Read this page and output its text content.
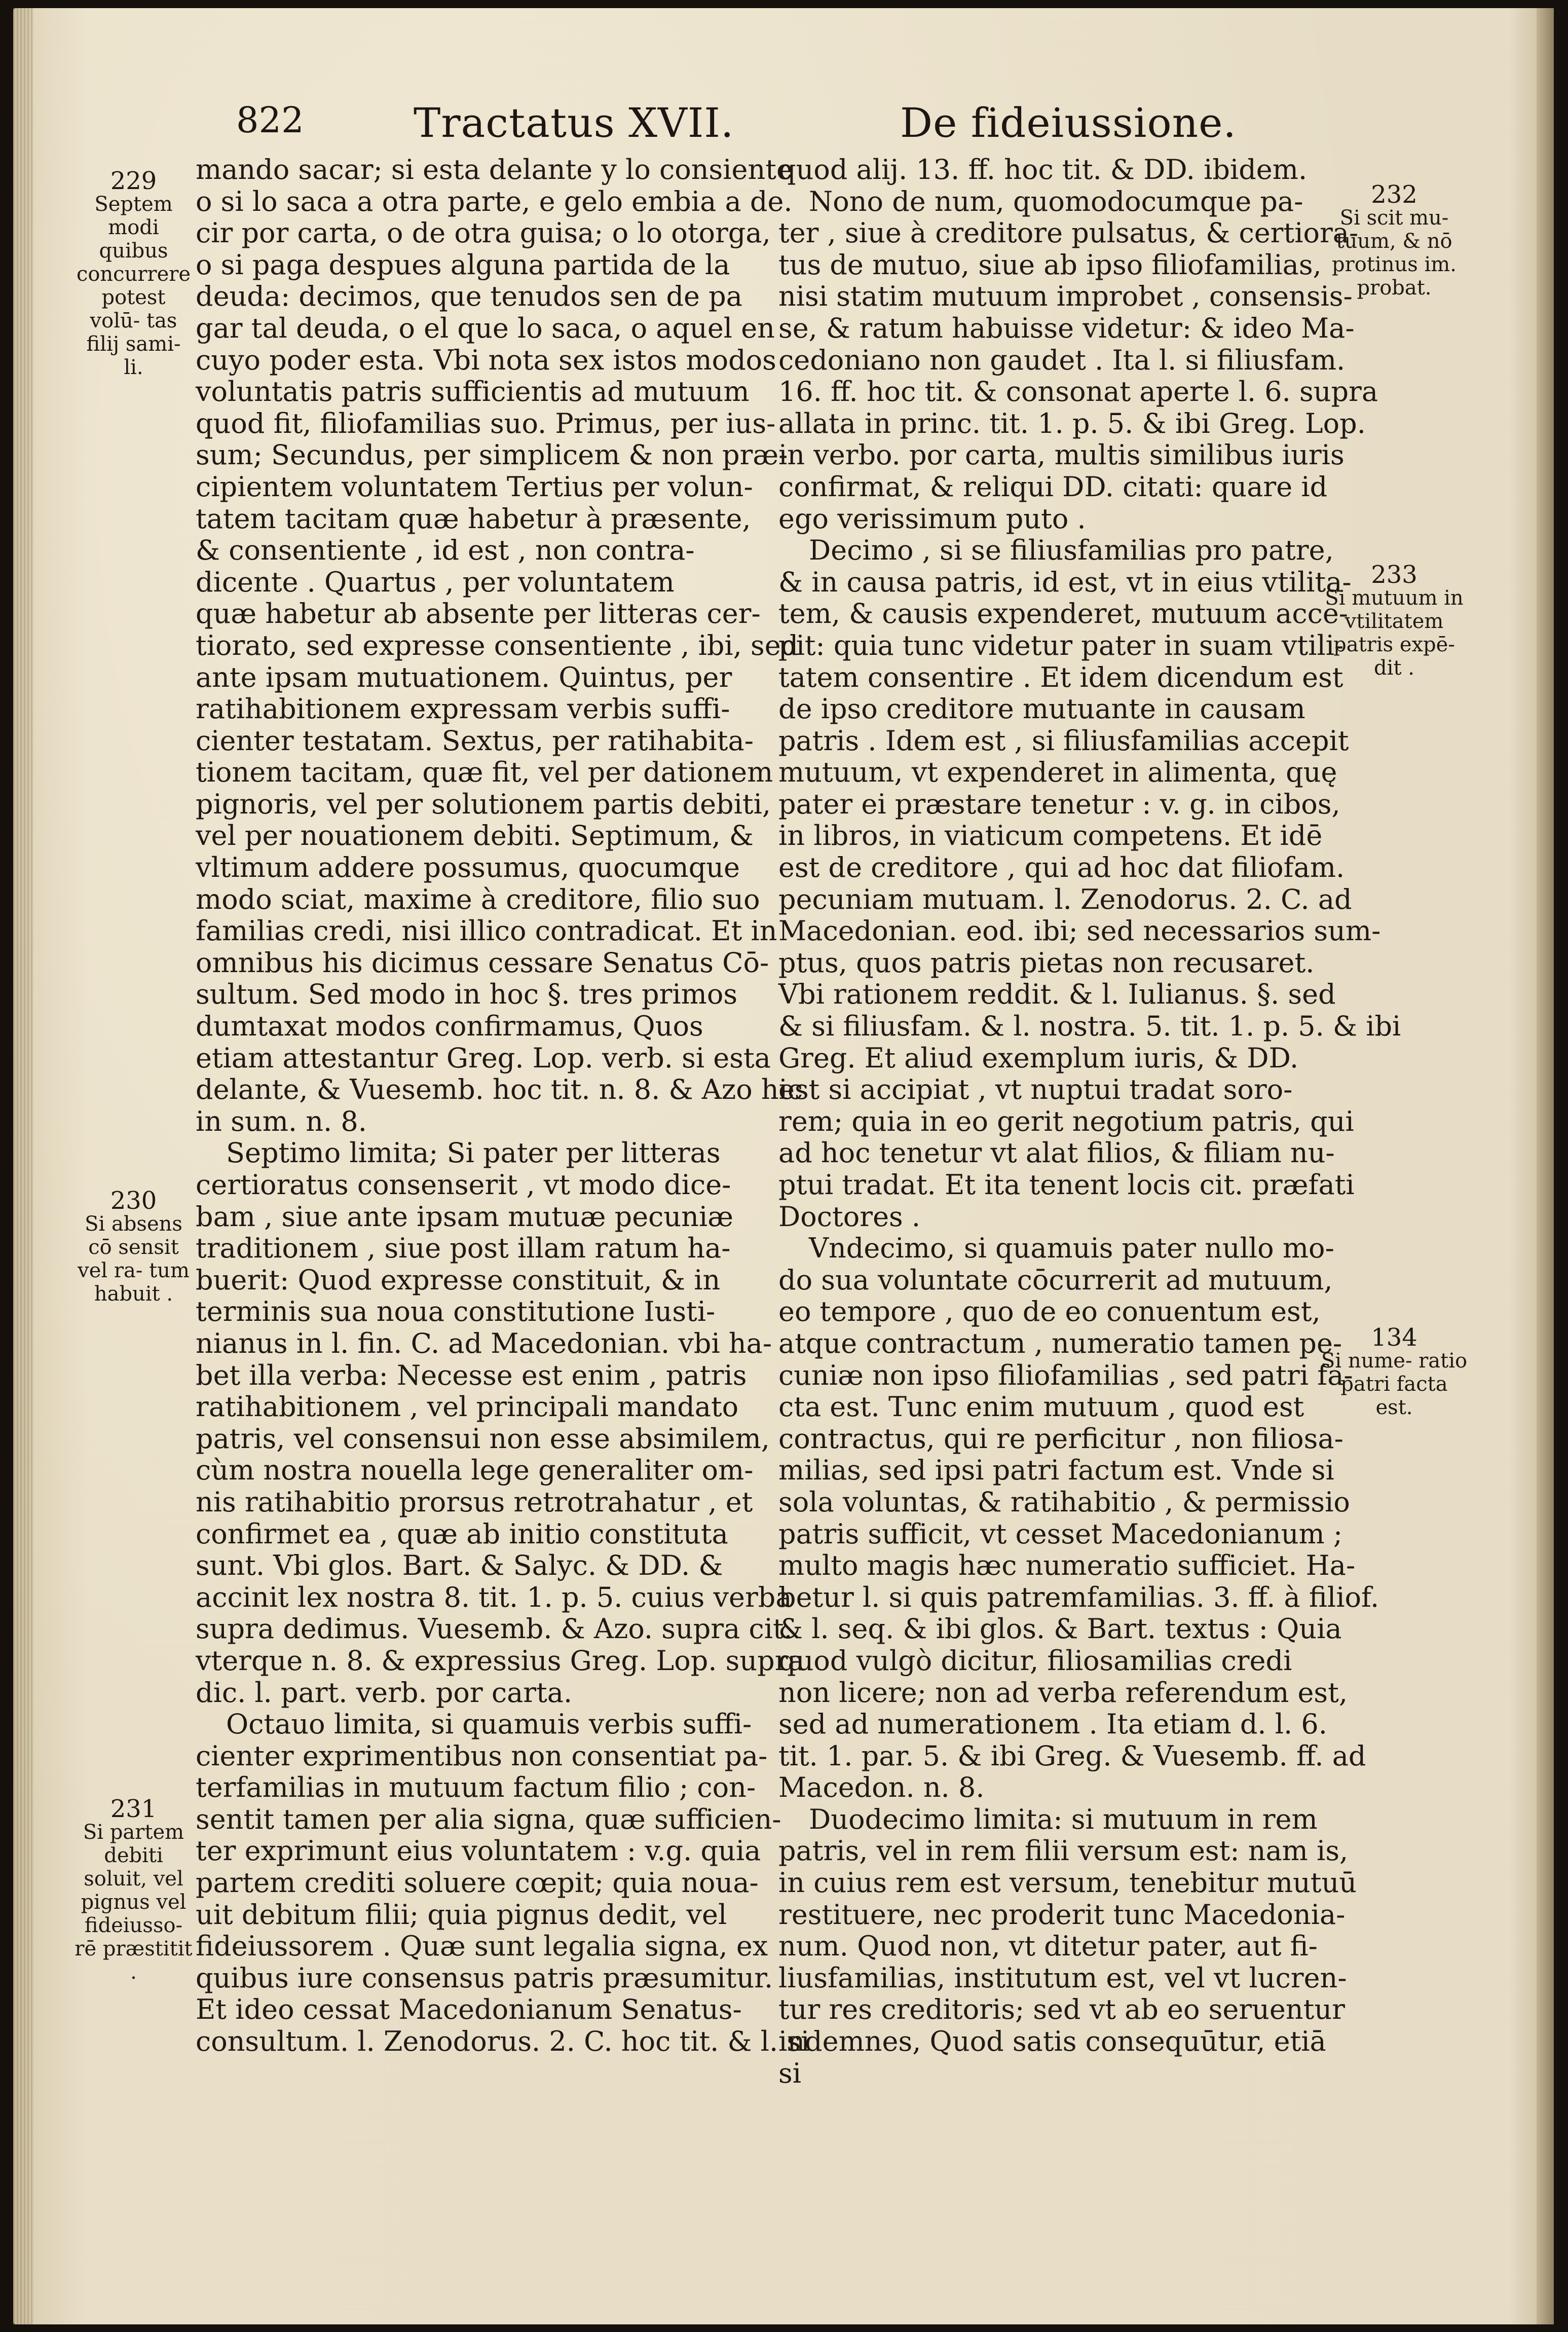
822	Tractatus XVII.	De fideiussione.
mando sacar; si esta delante y lo consiente
o si lo saca a otra parte, e gelo embia a de.
cir por carta, o de otra guisa; o lo otorga,
o si paga despues alguna partida de la
deuda: decimos, que tenudos sen de pa
gar tal deuda, o el que lo saca, o aquel en
cuyo poder esta. Vbi nota sex istos modos
voluntatis patris sufficientis ad mutuum
quod fit, filiofamilias suo. Primus, per ius-
sum; Secundus, per simplicem & non præ-
cipientem voluntatem Tertius per volun-
tatem tacitam quæ habetur à præsente,
& consentiente , id est , non contra-
dicente . Quartus , per voluntatem
quæ habetur ab absente per litteras cer-
tiorato, sed expresse consentiente , ibi, sed
ante ipsam mutuationem. Quintus, per
ratihabitionem expressam verbis suffi-
cienter testatam. Sextus, per ratihabita-
tionem tacitam, quæ fit, vel per dationem
pignoris, vel per solutionem partis debiti,
vel per nouationem debiti. Septimum, &
vltimum addere possumus, quocumque
modo sciat, maxime à creditore, filio suo
familias credi, nisi illico contradicat. Et in
omnibus his dicimus cessare Senatus Cō-
sultum. Sed modo in hoc §. tres primos
dumtaxat modos confirmamus, Quos
etiam attestantur Greg. Lop. verb. si esta
delante, & Vuesemb. hoc tit. n. 8. & Azo hic
in sum. n. 8.
Septimo limita; Si pater per litteras
certioratus consenserit , vt modo dice-
bam , siue ante ipsam mutuæ pecuniæ
traditionem , siue post illam ratum ha-
buerit: Quod expresse constituit, & in
terminis sua noua constitutione Iusti-
nianus in l. fin. C. ad Macedonian. vbi ha-
bet illa verba: Necesse est enim , patris
ratihabitionem , vel principali mandato
patris, vel consensui non esse absimilem,
cùm nostra nouella lege generaliter om-
nis ratihabitio prorsus retrotrahatur , et
confirmet ea , quæ ab initio constituta
sunt. Vbi glos. Bart. & Salyc. & DD. &
accinit lex nostra 8. tit. 1. p. 5. cuius verba
supra dedimus. Vuesemb. & Azo. supra cit.
vterque n. 8. & expressius Greg. Lop. supra
dic. l. part. verb. por carta.
Octauo limita, si quamuis verbis suffi-
cienter exprimentibus non consentiat pa-
terfamilias in mutuum factum filio ; con-
sentit tamen per alia signa, quæ sufficien-
ter exprimunt eius voluntatem : v.g. quia
partem crediti soluere cœpit; quia noua-
uit debitum filii; quia pignus dedit, vel
fideiussorem . Quæ sunt legalia signa, ex
quibus iure consensus patris præsumitur.
Et ideo cessat Macedonianum Senatus-
consultum. l. Zenodorus. 2. C. hoc tit. & l. si
quod alij. 13. ff. hoc tit. & DD. ibidem.
Nono de num, quomodocumque pa-
ter , siue à creditore pulsatus, & certiora-
tus de mutuo, siue ab ipso filiofamilias,
nisi statim mutuum improbet , consensis-
se, & ratum habuisse videtur: & ideo Ma-
cedoniano non gaudet . Ita l. si filiusfam.
16. ff. hoc tit. & consonat aperte l. 6. supra
allata in princ. tit. 1. p. 5. & ibi Greg. Lop.
in verbo. por carta, multis similibus iuris
confirmat, & reliqui DD. citati: quare id
ego verissimum puto .
Decimo , si se filiusfamilias pro patre,
& in causa patris, id est, vt in eius vtilita-
tem, & causis expenderet, mutuum acce-
pit: quia tunc videtur pater in suam vtili-
tatem consentire . Et idem dicendum est
de ipso creditore mutuante in causam
patris . Idem est , si filiusfamilias accepit
mutuum, vt expenderet in alimenta, quę
pater ei præstare tenetur : v. g. in cibos,
in libros, in viaticum competens. Et idē
est de creditore , qui ad hoc dat filiofam.
pecuniam mutuam. l. Zenodorus. 2. C. ad
Macedonian. eod. ibi; sed necessarios sum-
ptus, quos patris pietas non recusaret.
Vbi rationem reddit. & l. Iulianus. §. sed
& si filiusfam. & l. nostra. 5. tit. 1. p. 5. & ibi
Greg. Et aliud exemplum iuris, & DD.
est si accipiat , vt nuptui tradat soro-
rem; quia in eo gerit negotium patris, qui
ad hoc tenetur vt alat filios, & filiam nu-
ptui tradat. Et ita tenent locis cit. præfati
Doctores .
Vndecimo, si quamuis pater nullo mo-
do sua voluntate cōcurrerit ad mutuum,
eo tempore , quo de eo conuentum est,
atque contractum , numeratio tamen pe-
cuniæ non ipso filiofamilias , sed patri fa-
cta est. Tunc enim mutuum , quod est
contractus, qui re perficitur , non filiosa-
milias, sed ipsi patri factum est. Vnde si
sola voluntas, & ratihabitio , & permissio
patris sufficit, vt cesset Macedonianum ;
multo magis hæc numeratio sufficiet. Ha-
betur l. si quis patremfamilias. 3. ff. à filiof.
& l. seq. & ibi glos. & Bart. textus : Quia
quod vulgò dicitur, filiosamilias credi
non licere; non ad verba referendum est,
sed ad numerationem . Ita etiam d. l. 6.
tit. 1. par. 5. & ibi Greg. & Vuesemb. ff. ad
Macedon. n. 8.
Duodecimo limita: si mutuum in rem
patris, vel in rem filii versum est: nam is,
in cuius rem est versum, tenebitur mutuū
restituere, nec proderit tunc Macedonia-
num. Quod non, vt ditetur pater, aut fi-
liusfamilias, institutum est, vel vt lucren-
tur res creditoris; sed vt ab eo seruentur
indemnes, Quod satis consequūtur, etiā
si
229
Septem modi quibus concurrere potest volū- tas filij sami- li.
230
Si absens cō sensit vel ra- tum habuit .
231
Si partem debiti soluit, vel pignus vel fideiusso- rē præstitit .
232
Si scit mu- tuum, & nō protinus im. probat.
233
Si mutuum in vtilitatem patris expē- dit .
134
Si nume- ratio patri facta est.
